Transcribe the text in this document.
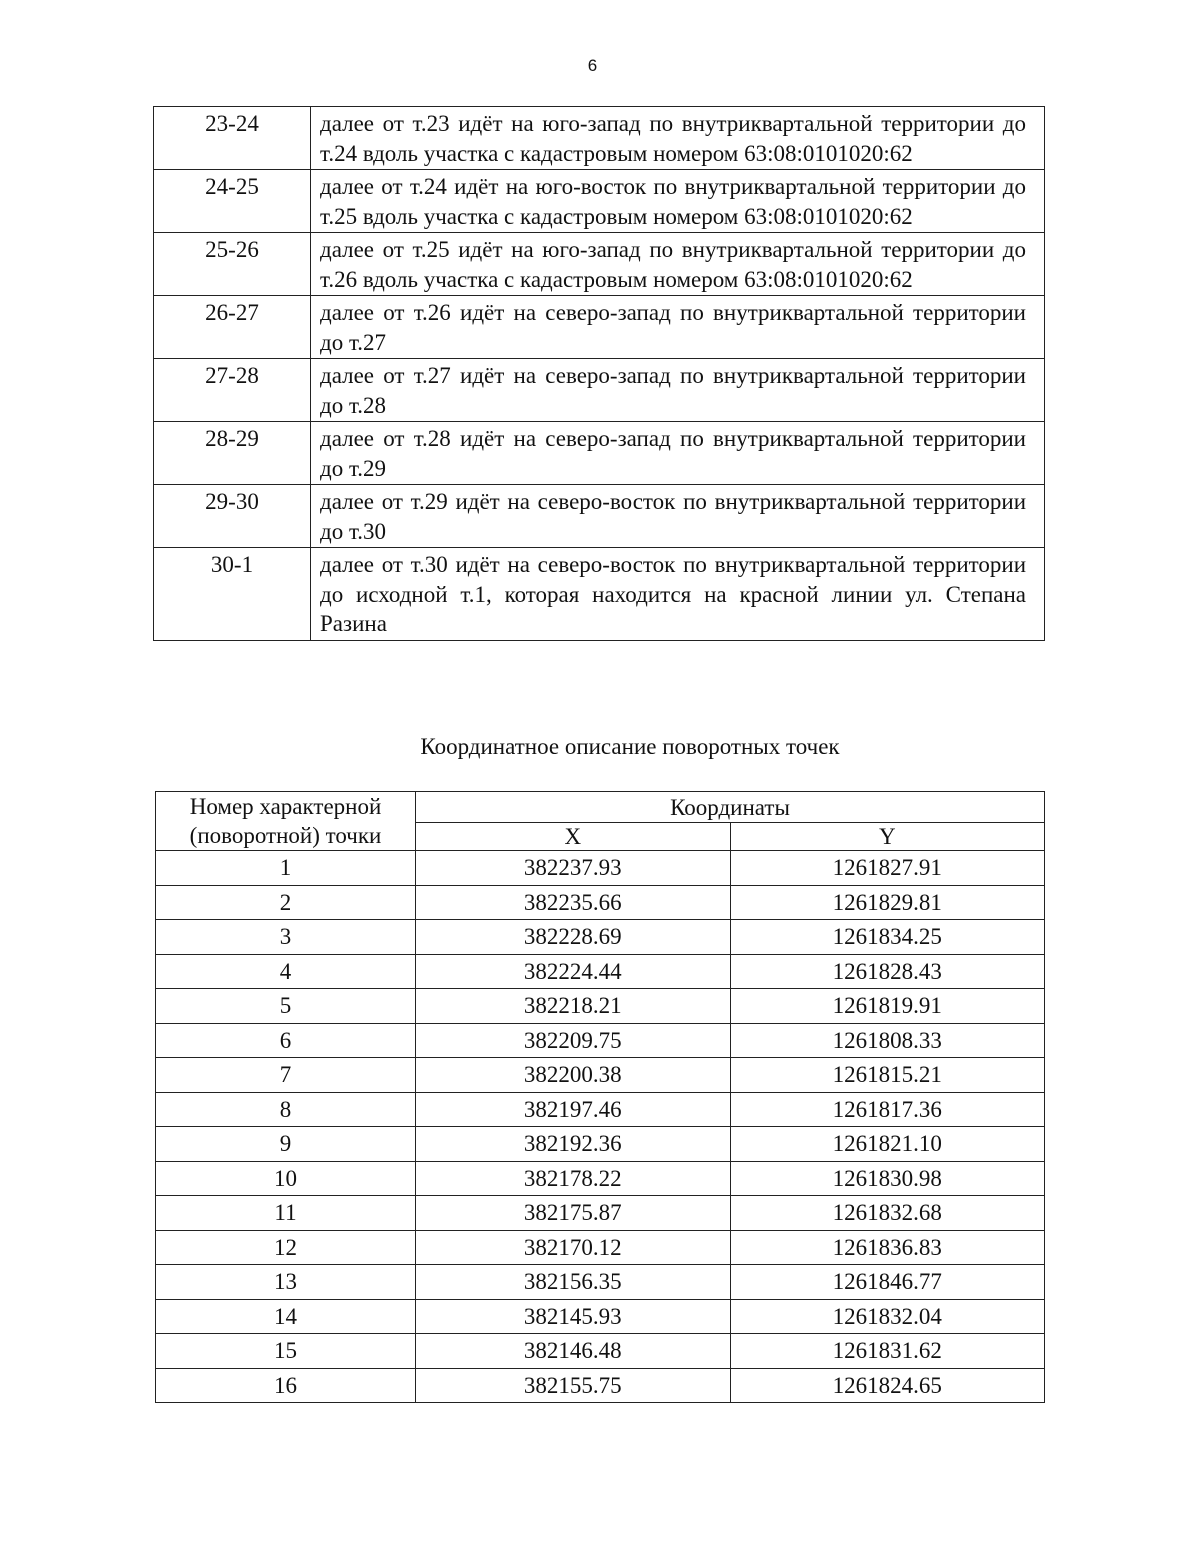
6
23-24	далее от т.23 идёт на юго-запад по внутриквартальной территории до т.24 вдоль участка с кадастровым номером 63:08:0101020:62
24-25	далее от т.24 идёт на юго-восток по внутриквартальной территории до т.25 вдоль участка с кадастровым номером 63:08:0101020:62
25-26	далее от т.25 идёт на юго-запад по внутриквартальной территории до т.26 вдоль участка с кадастровым номером 63:08:0101020:62
26-27	далее от т.26 идёт на северо-запад по внутриквартальной территории до т.27
27-28	далее от т.27 идёт на северо-запад по внутриквартальной территории до т.28
28-29	далее от т.28 идёт на северо-запад по внутриквартальной территории до т.29
29-30	далее от т.29 идёт на северо-восток по внутриквартальной территории до т.30
30-1	далее от т.30 идёт на северо-восток по внутриквартальной территории до исходной т.1, которая находится на красной линии ул. Степана Разина
Координатное описание поворотных точек
Номер характерной (поворотной) точки	Координаты	
	X	Y
1	382237.93	1261827.91
2	382235.66	1261829.81
3	382228.69	1261834.25
4	382224.44	1261828.43
5	382218.21	1261819.91
6	382209.75	1261808.33
7	382200.38	1261815.21
8	382197.46	1261817.36
9	382192.36	1261821.10
10	382178.22	1261830.98
11	382175.87	1261832.68
12	382170.12	1261836.83
13	382156.35	1261846.77
14	382145.93	1261832.04
15	382146.48	1261831.62
16	382155.75	1261824.65
